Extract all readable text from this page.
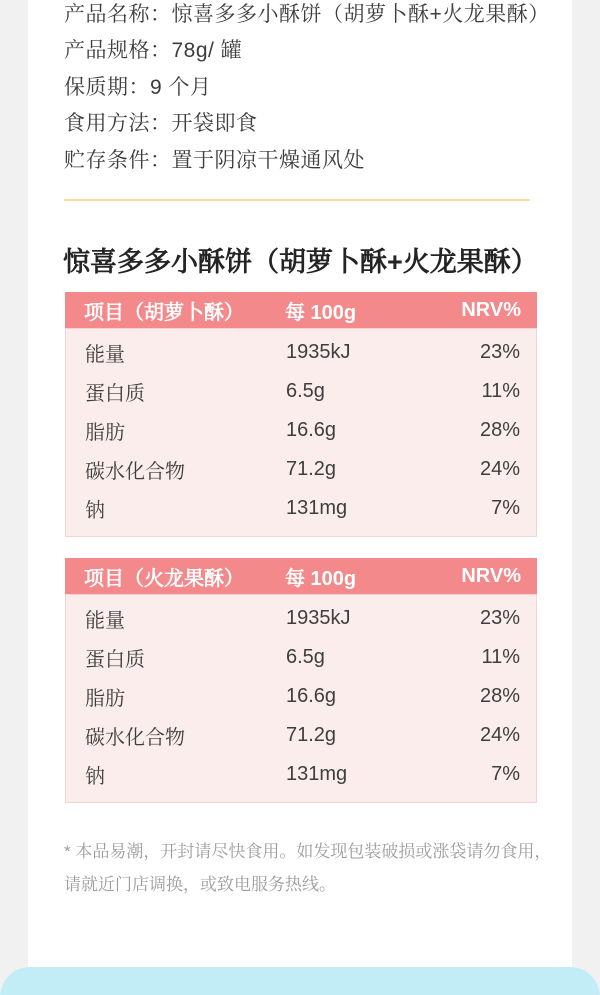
产品名称：惊喜多多小酥饼（胡萝卜酥+火龙果酥）
产品规格：78g/ 罐
保质期：9 个月
食用方法：开袋即食
贮存条件：置于阴凉干燥通风处
惊喜多多小酥饼（胡萝卜酥+火龙果酥）
项目（胡萝卜酥）	每 100g	NRV%
能量	1935kJ	23%
蛋白质	6.5g	11%
脂肪	16.6g	28%
碳水化合物	71.2g	24%
钠	131mg	7%
项目（火龙果酥）	每 100g	NRV%
能量	1935kJ	23%
蛋白质	6.5g	11%
脂肪	16.6g	28%
碳水化合物	71.2g	24%
钠	131mg	7%
* 本品易潮，开封请尽快食用。如发现包装破损或涨袋请勿食用，
请就近门店调换，或致电服务热线。
